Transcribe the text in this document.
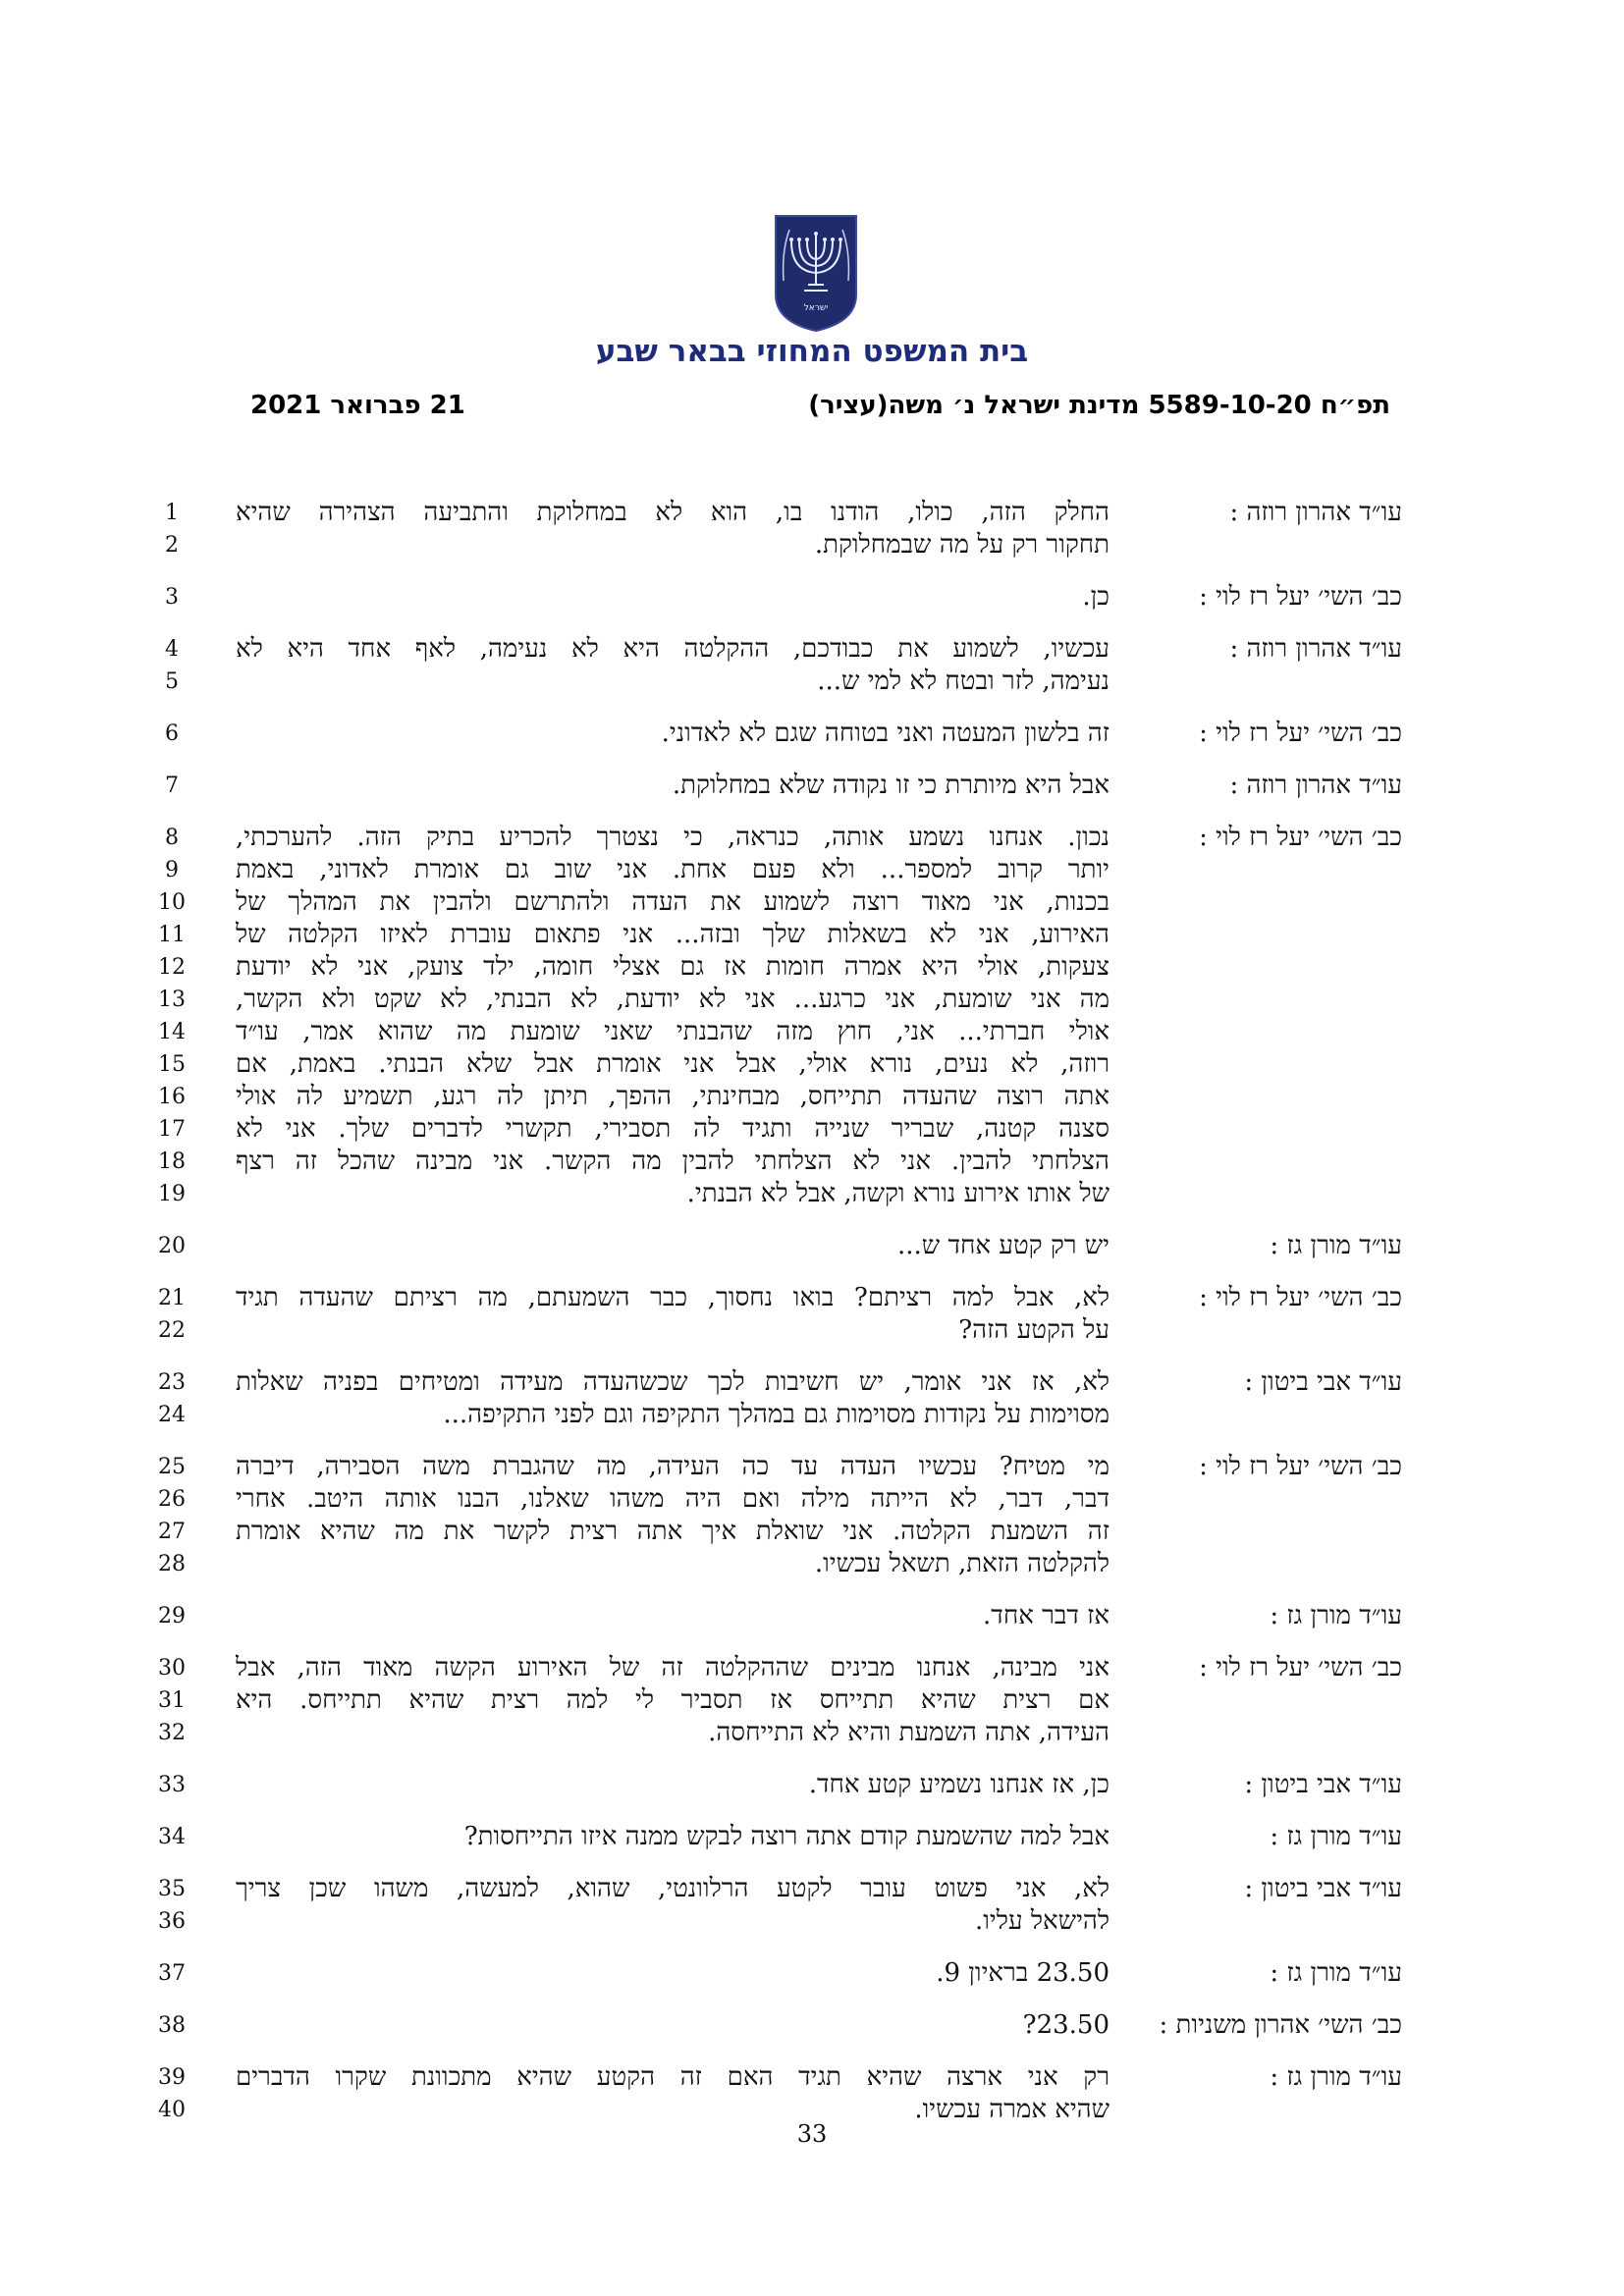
ישראל
בית המשפט המחוזי בבאר שבע
תפ״ח 5589-10-20 מדינת ישראל נ׳ משה(עציר)
21 פברואר 2021
עו״ד אהרון רוזה :
החלק הזה, כולו, הודנו בו, הוא לא במחלוקת והתביעה הצהירה שהיא
תחקור רק על מה שבמחלוקת.
1
2
כב׳ השי׳ יעל רז לוי :
כן.
3
עו״ד אהרון רוזה :
עכשיו, לשמוע את כבודכם, ההקלטה היא לא נעימה, לאף אחד היא לא
נעימה, לזר ובטח לא למי ש...
4
5
כב׳ השי׳ יעל רז לוי :
זה בלשון המעטה ואני בטוחה שגם לא לאדוני.
6
עו״ד אהרון רוזה :
אבל היא מיותרת כי זו נקודה שלא במחלוקת.
7
כב׳ השי׳ יעל רז לוי :
נכון. אנחנו נשמע אותה, כנראה, כי נצטרך להכריע בתיק הזה. להערכתי,
יותר קרוב למספר... ולא פעם אחת. אני שוב גם אומרת לאדוני, באמת
בכנות, אני מאוד רוצה לשמוע את העדה ולהתרשם ולהבין את המהלך של
האירוע, אני לא בשאלות שלך ובזה... אני פתאום עוברת לאיזו הקלטה של
צעקות, אולי היא אמרה חומות אז גם אצלי חומה, ילד צועק, אני לא יודעת
מה אני שומעת, אני כרגע... אני לא יודעת, לא הבנתי, לא שקט ולא הקשר,
אולי חברתי... אני, חוץ מזה שהבנתי שאני שומעת מה שהוא אמר, עו״ד
רוזה, לא נעים, נורא אולי, אבל אני אומרת אבל שלא הבנתי. באמת, אם
אתה רוצה שהעדה תתייחס, מבחינתי, ההפך, תיתן לה רגע, תשמיע לה אולי
סצנה קטנה, שבריר שנייה ותגיד לה תסבירי, תקשרי לדברים שלך. אני לא
הצלחתי להבין. אני לא הצלחתי להבין מה הקשר. אני מבינה שהכל זה רצף
של אותו אירוע נורא וקשה, אבל לא הבנתי.
8
9
10
11
12
13
14
15
16
17
18
19
עו״ד מורן גז :
יש רק קטע אחד ש...
20
כב׳ השי׳ יעל רז לוי :
לא, אבל למה רציתם? בואו נחסוך, כבר השמעתם, מה רציתם שהעדה תגיד
על הקטע הזה?
21
22
עו״ד אבי ביטון :
לא, אז אני אומר, יש חשיבות לכך שכשהעדה מעידה ומטיחים בפניה שאלות
מסוימות על נקודות מסוימות גם במהלך התקיפה וגם לפני התקיפה...
23
24
כב׳ השי׳ יעל רז לוי :
מי מטיח? עכשיו העדה עד כה העידה, מה שהגברת משה הסבירה, דיברה
דבר, דבר, לא הייתה מילה ואם היה משהו שאלנו, הבנו אותה היטב. אחרי
זה השמעת הקלטה. אני שואלת איך אתה רצית לקשר את מה שהיא אומרת
להקלטה הזאת, תשאל עכשיו.
25
26
27
28
עו״ד מורן גז :
אז דבר אחד.
29
כב׳ השי׳ יעל רז לוי :
אני מבינה, אנחנו מבינים שההקלטה זה של האירוע הקשה מאוד הזה, אבל
אם רצית שהיא תתייחס אז תסביר לי למה רצית שהיא תתייחס. היא
העידה, אתה השמעת והיא לא התייחסה.
30
31
32
עו״ד אבי ביטון :
כן, אז אנחנו נשמיע קטע אחד.
33
עו״ד מורן גז :
אבל למה שהשמעת קודם אתה רוצה לבקש ממנה איזו התייחסות?
34
עו״ד אבי ביטון :
לא, אני פשוט עובר לקטע הרלוונטי, שהוא, למעשה, משהו שכן צריך
להישאל עליו.
35
36
עו״ד מורן גז :
23.50 בראיון 9.
37
כב׳ השי׳ אהרון משניות :
23.50?
38
עו״ד מורן גז :
רק אני ארצה שהיא תגיד האם זה הקטע שהיא מתכוונת שקרו הדברים
שהיא אמרה עכשיו.
39
40
33
